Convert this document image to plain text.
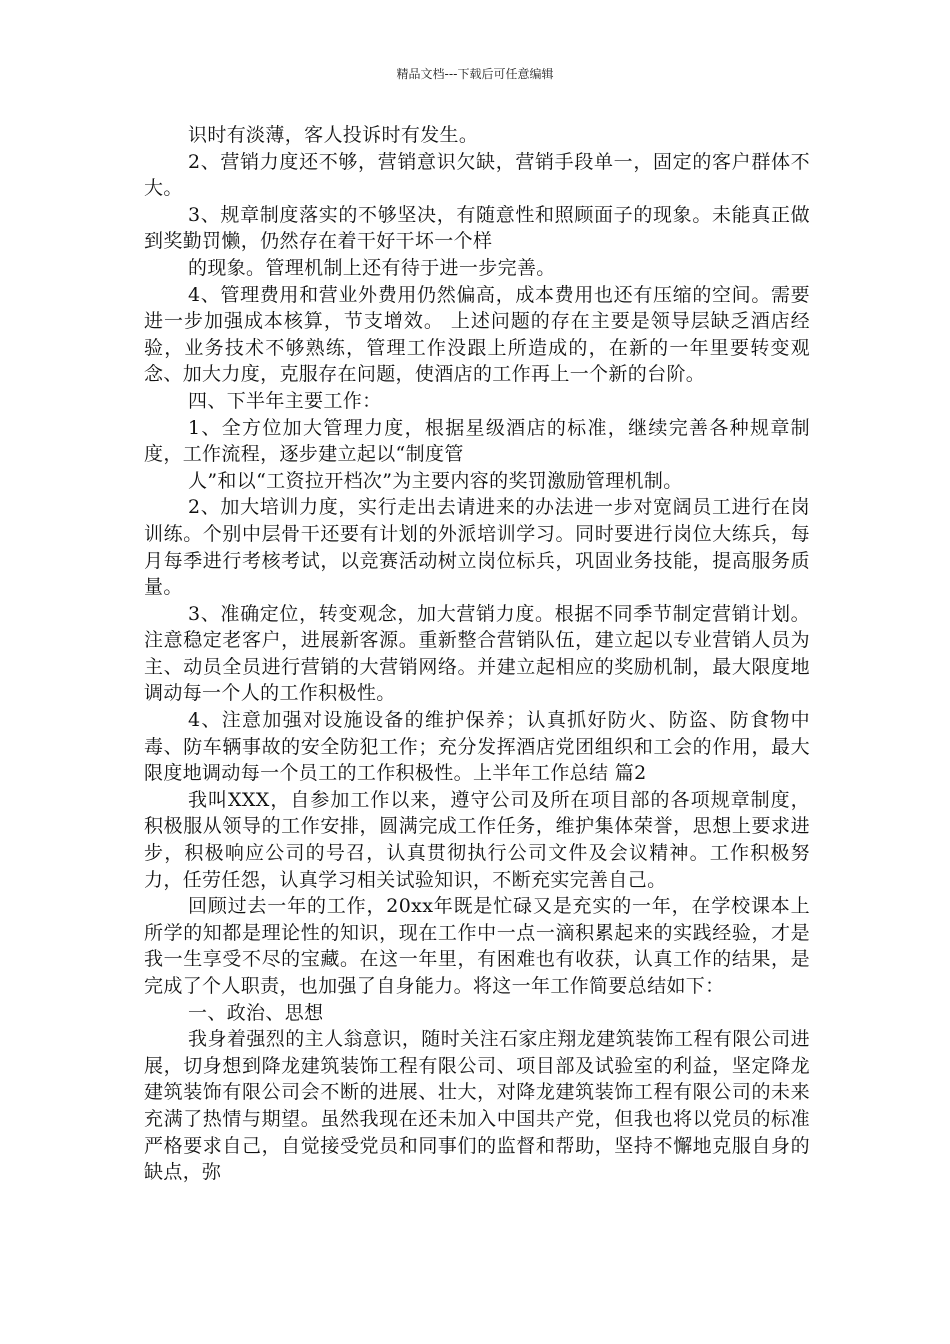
精品文档---下载后可任意编辑

识时有淡薄，客人投诉时有发生。

2、营销力度还不够，营销意识欠缺，营销手段单一，固定的客户群体不大。

3、规章制度落实的不够坚决，有随意性和照顾面子的现象。未能真正做到奖勤罚懒，仍然存在着干好干坏一个样

的现象。管理机制上还有待于进一步完善。

4、管理费用和营业外费用仍然偏高，成本费用也还有压缩的空间。需要进一步加强成本核算，节支增效。 上述问题的存在主要是领导层缺乏酒店经验，业务技术不够熟练，管理工作没跟上所造成的，在新的一年里要转变观念、加大力度，克服存在问题，使酒店的工作再上一个新的台阶。

四、下半年主要工作：

1、全方位加大管理力度，根据星级酒店的标准，继续完善各种规章制度，工作流程，逐步建立起以“制度管

人”和以“工资拉开档次”为主要内容的奖罚激励管理机制。

2、加大培训力度，实行走出去请进来的办法进一步对宽阔员工进行在岗训练。个别中层骨干还要有计划的外派培训学习。同时要进行岗位大练兵，每月每季进行考核考试，以竞赛活动树立岗位标兵，巩固业务技能，提高服务质量。

3、准确定位，转变观念，加大营销力度。根据不同季节制定营销计划。注意稳定老客户，进展新客源。重新整合营销队伍，建立起以专业营销人员为主、动员全员进行营销的大营销网络。并建立起相应的奖励机制，最大限度地调动每一个人的工作积极性。

4、注意加强对设施设备的维护保养；认真抓好防火、防盗、防食物中毒、防车辆事故的安全防犯工作；充分发挥酒店党团组织和工会的作用，最大限度地调动每一个员工的工作积极性。上半年工作总结 篇2

我叫XXX，自参加工作以来，遵守公司及所在项目部的各项规章制度，积极服从领导的工作安排，圆满完成工作任务，维护集体荣誉，思想上要求进步，积极响应公司的号召，认真贯彻执行公司文件及会议精神。工作积极努力，任劳任怨，认真学习相关试验知识，不断充实完善自己。

回顾过去一年的工作，20xx年既是忙碌又是充实的一年，在学校课本上所学的知都是理论性的知识，现在工作中一点一滴积累起来的实践经验，才是我一生享受不尽的宝藏。在这一年里，有困难也有收获，认真工作的结果，是完成了个人职责，也加强了自身能力。将这一年工作简要总结如下：

一、政治、思想

我身着强烈的主人翁意识，随时关注石家庄翔龙建筑装饰工程有限公司进展，切身想到降龙建筑装饰工程有限公司、项目部及试验室的利益，坚定降龙建筑装饰有限公司会不断的进展、壮大，对降龙建筑装饰工程有限公司的未来充满了热情与期望。虽然我现在还未加入中国共产党，但我也将以党员的标准严格要求自己，自觉接受党员和同事们的监督和帮助，坚持不懈地克服自身的缺点，弥
